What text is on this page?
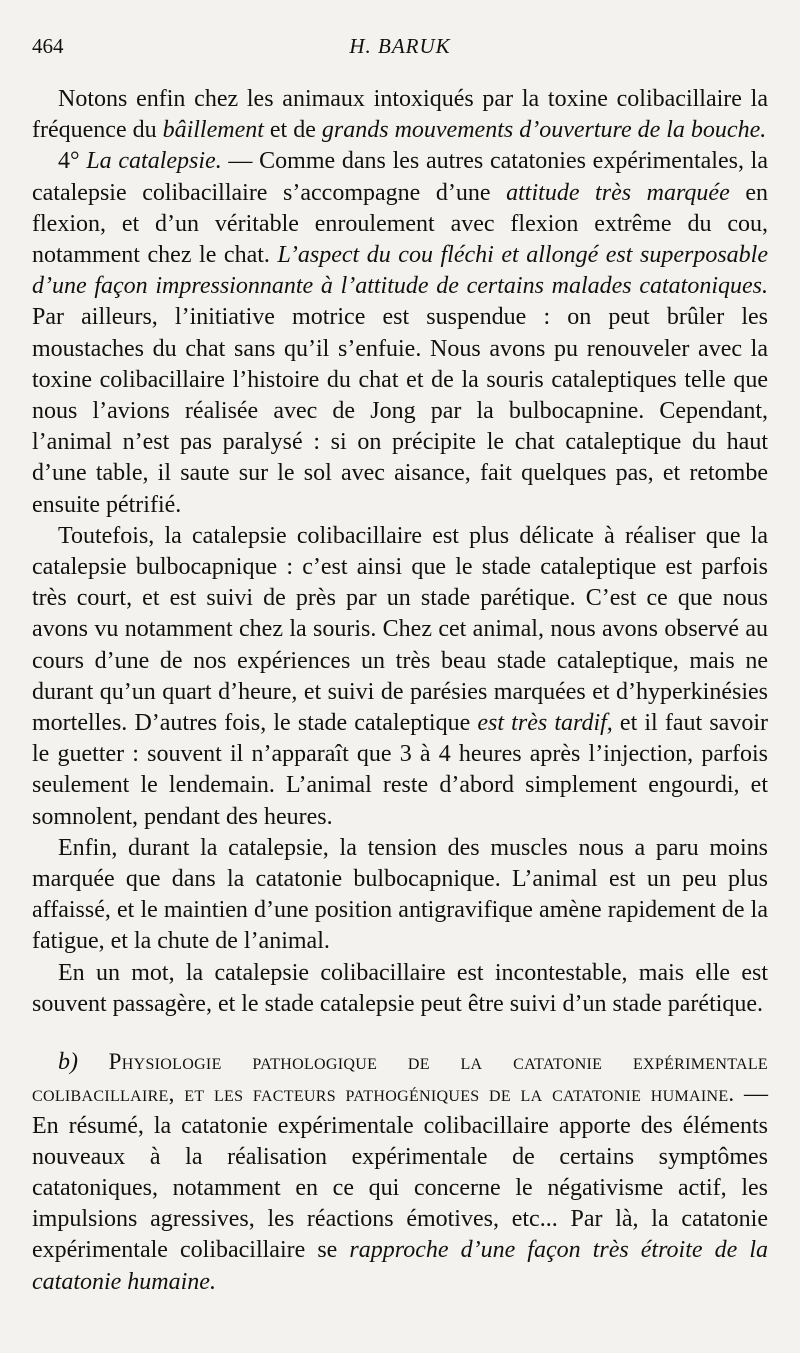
464	H. BARUK

Notons enfin chez les animaux intoxiqués par la toxine colibacillaire la fréquence du bâillement et de grands mouvements d’ouverture de la bouche.

4° La catalepsie. — Comme dans les autres catatonies expérimentales, la catalepsie colibacillaire s’accompagne d’une attitude très marquée en flexion, et d’un véritable enroulement avec flexion extrême du cou, notamment chez le chat. L’aspect du cou fléchi et allongé est superposable d’une façon impressionnante à l’attitude de certains malades catatoniques. Par ailleurs, l’initiative motrice est suspendue : on peut brûler les moustaches du chat sans qu’il s’enfuie. Nous avons pu renouveler avec la toxine colibacillaire l’histoire du chat et de la souris cataleptiques telle que nous l’avions réalisée avec de Jong par la bulbocapnine. Cependant, l’animal n’est pas paralysé : si on précipite le chat cataleptique du haut d’une table, il saute sur le sol avec aisance, fait quelques pas, et retombe ensuite pétrifié.

Toutefois, la catalepsie colibacillaire est plus délicate à réaliser que la catalepsie bulbocapnique : c’est ainsi que le stade cataleptique est parfois très court, et est suivi de près par un stade parétique. C’est ce que nous avons vu notamment chez la souris. Chez cet animal, nous avons observé au cours d’une de nos expériences un très beau stade cataleptique, mais ne durant qu’un quart d’heure, et suivi de parésies marquées et d’hyperkinésies mortelles. D’autres fois, le stade cataleptique est très tardif, et il faut savoir le guetter : souvent il n’apparaît que 3 à 4 heures après l’injection, parfois seulement le lendemain. L’animal reste d’abord simplement engourdi, et somnolent, pendant des heures.

Enfin, durant la catalepsie, la tension des muscles nous a paru moins marquée que dans la catatonie bulbocapnique. L’animal est un peu plus affaissé, et le maintien d’une position antigravifique amène rapidement de la fatigue, et la chute de l’animal.

En un mot, la catalepsie colibacillaire est incontestable, mais elle est souvent passagère, et le stade catalepsie peut être suivi d’un stade parétique.

b) Physiologie pathologique de la catatonie expérimentale colibacillaire, et les facteurs pathogéniques de la catatonie humaine. — En résumé, la catatonie expérimentale colibacillaire apporte des éléments nouveaux à la réalisation expérimentale de certains symptômes catatoniques, notamment en ce qui concerne le négativisme actif, les impulsions agressives, les réactions émotives, etc... Par là, la catatonie expérimentale colibacillaire se rapproche d’une façon très étroite de la catatonie humaine.
